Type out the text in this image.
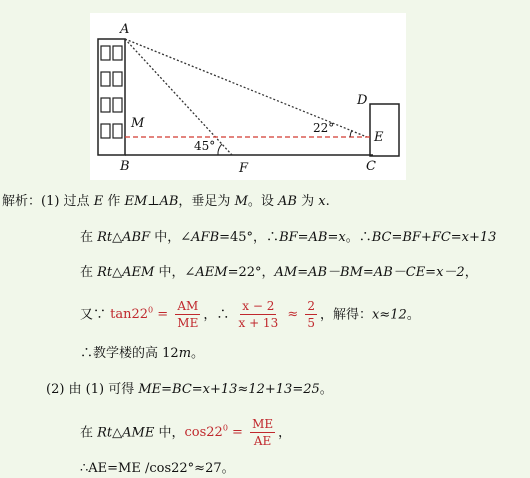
A
M
B	F	C
D
E
45°
22°
解析：(1) 过点 E 作 EM⊥AB，垂足为 M。设 AB 为 x.
在 Rt△ABF 中，∠AFB=45°，∴BF=AB=x。∴BC=BF+FC=x+13
在 Rt△AEM 中，∠AEM=22°，AM=AB－BM=AB－CE=x－2，
又∵ $\tan 22^0 = \frac{AM}{ME}$ ，∴ $\frac{x - 2}{x + 13} \approx \frac{2}{5}$ ，解得：x≈12。
∴教学楼的高 12m。
(2) 由 (1) 可得 ME=BC=x+13≈12+13=25。
在 Rt△AME 中，$\cos 22^0 = \frac{ME}{AE}$ ，
∴AE=ME /cos22°≈27。
